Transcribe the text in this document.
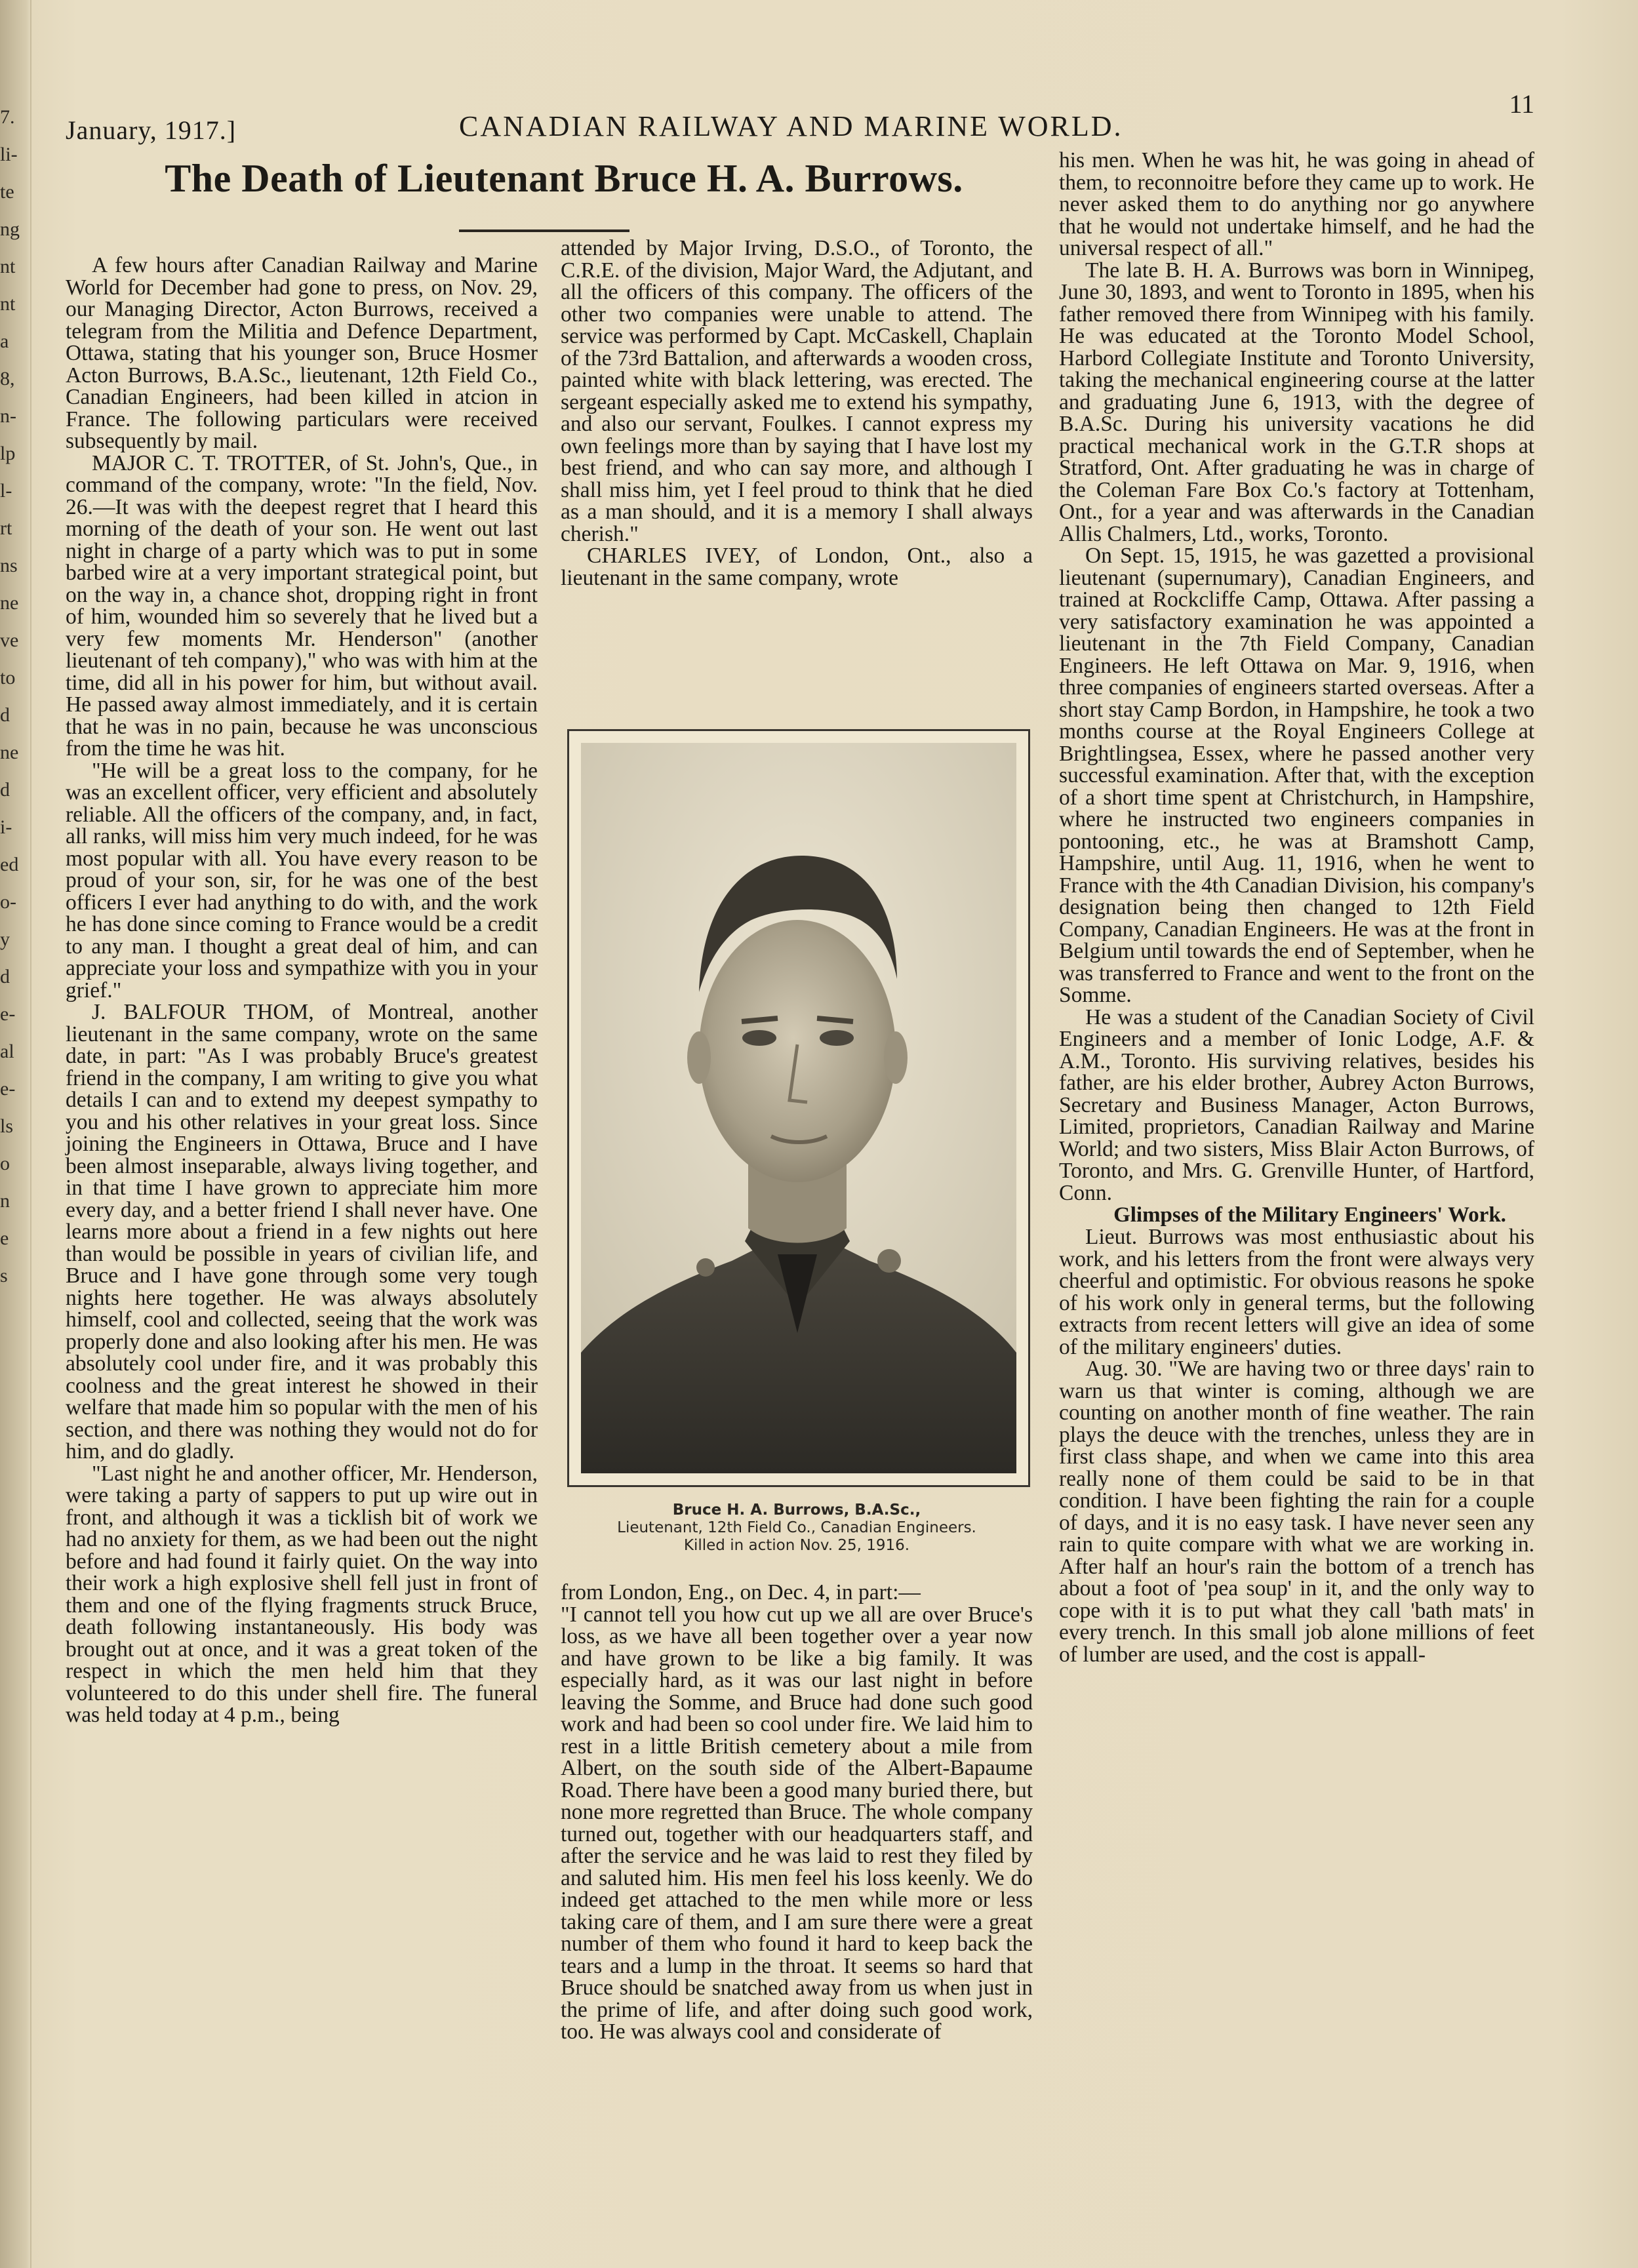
7.
li-
te
ng
nt
nt
a
8,
n-
lp
l-
rt
ns
ne
ve
to
d
ne
d
i-
ed
o-
y
d
e-
al
e-
ls
o
n
e
s
January, 1917.]	CANADIAN RAILWAY AND MARINE WORLD.
11
The Death of Lieutenant Bruce H. A. Burrows.

A few hours after Canadian Railway and Marine World for December had gone to press, on Nov. 29, our Managing Director, Acton Burrows, received a telegram from the Militia and Defence Department, Ottawa, stating that his younger son, Bruce Hosmer Acton Burrows, B.A.Sc., lieutenant, 12th Field Co., Canadian Engineers, had been killed in atcion in France. The following particulars were received subsequently by mail.

MAJOR C. T. TROTTER, of St. John's, Que., in command of the company, wrote: "In the field, Nov. 26.—It was with the deepest regret that I heard this morning of the death of your son. He went out last night in charge of a party which was to put in some barbed wire at a very important strategical point, but on the way in, a chance shot, dropping right in front of him, wounded him so severely that he lived but a very few moments Mr. Henderson" (another lieutenant of teh company)," who was with him at the time, did all in his power for him, but without avail. He passed away almost immediately, and it is certain that he was in no pain, because he was unconscious from the time he was hit.

"He will be a great loss to the company, for he was an excellent officer, very efficient and absolutely reliable. All the officers of the company, and, in fact, all ranks, will miss him very much indeed, for he was most popular with all. You have every reason to be proud of your son, sir, for he was one of the best officers I ever had anything to do with, and the work he has done since coming to France would be a credit to any man. I thought a great deal of him, and can appreciate your loss and sympathize with you in your grief."

J. BALFOUR THOM, of Montreal, another lieutenant in the same company, wrote on the same date, in part: "As I was probably Bruce's greatest friend in the company, I am writing to give you what details I can and to extend my deepest sympathy to you and his other relatives in your great loss. Since joining the Engineers in Ottawa, Bruce and I have been almost inseparable, always living together, and in that time I have grown to appreciate him more every day, and a better friend I shall never have. One learns more about a friend in a few nights out here than would be possible in years of civilian life, and Bruce and I have gone through some very tough nights here together. He was always absolutely himself, cool and collected, seeing that the work was properly done and also looking after his men. He was absolutely cool under fire, and it was probably this coolness and the great interest he showed in their welfare that made him so popular with the men of his section, and there was nothing they would not do for him, and do gladly.

"Last night he and another officer, Mr. Henderson, were taking a party of sappers to put up wire out in front, and although it was a ticklish bit of work we had no anxiety for them, as we had been out the night before and had found it fairly quiet. On the way into their work a high explosive shell fell just in front of them and one of the flying fragments struck Bruce, death following instantaneously. His body was brought out at once, and it was a great token of the respect in which the men held him that they volunteered to do this under shell fire. The funeral was held today at 4 p.m., being

attended by Major Irving, D.S.O., of Toronto, the C.R.E. of the division, Major Ward, the Adjutant, and all the officers of this company. The officers of the other two companies were unable to attend. The service was performed by Capt. McCaskell, Chaplain of the 73rd Battalion, and afterwards a wooden cross, painted white with black lettering, was erected. The sergeant especially asked me to extend his sympathy, and also our servant, Foulkes. I cannot express my own feelings more than by saying that I have lost my best friend, and who can say more, and although I shall miss him, yet I feel proud to think that he died as a man should, and it is a memory I shall always cherish."

CHARLES IVEY, of London, Ont., also a lieutenant in the same company, wrote

Bruce H. A. Burrows, B.A.Sc.,
Lieutenant, 12th Field Co., Canadian Engineers.
Killed in action Nov. 25, 1916.

from London, Eng., on Dec. 4, in part:—

"I cannot tell you how cut up we all are over Bruce's loss, as we have all been together over a year now and have grown to be like a big family. It was especially hard, as it was our last night in before leaving the Somme, and Bruce had done such good work and had been so cool under fire. We laid him to rest in a little British cemetery about a mile from Albert, on the south side of the Albert-Bapaume Road. There have been a good many buried there, but none more regretted than Bruce. The whole company turned out, together with our headquarters staff, and after the service and he was laid to rest they filed by and saluted him. His men feel his loss keenly. We do indeed get attached to the men while more or less taking care of them, and I am sure there were a great number of them who found it hard to keep back the tears and a lump in the throat. It seems so hard that Bruce should be snatched away from us when just in the prime of life, and after doing such good work, too. He was always cool and considerate of

his men. When he was hit, he was going in ahead of them, to reconnoitre before they came up to work. He never asked them to do anything nor go anywhere that he would not undertake himself, and he had the universal respect of all."

The late B. H. A. Burrows was born in Winnipeg, June 30, 1893, and went to Toronto in 1895, when his father removed there from Winnipeg with his family. He was educated at the Toronto Model School, Harbord Collegiate Institute and Toronto University, taking the mechanical engineering course at the latter and graduating June 6, 1913, with the degree of B.A.Sc. During his university vacations he did practical mechanical work in the G.T.R shops at Stratford, Ont. After graduating he was in charge of the Coleman Fare Box Co.'s factory at Tottenham, Ont., for a year and was afterwards in the Canadian Allis Chalmers, Ltd., works, Toronto.

On Sept. 15, 1915, he was gazetted a provisional lieutenant (supernumary), Canadian Engineers, and trained at Rockcliffe Camp, Ottawa. After passing a very satisfactory examination he was appointed a lieutenant in the 7th Field Company, Canadian Engineers. He left Ottawa on Mar. 9, 1916, when three companies of engineers started overseas. After a short stay Camp Bordon, in Hampshire, he took a two months course at the Royal Engineers College at Brightlingsea, Essex, where he passed another very successful examination. After that, with the exception of a short time spent at Christchurch, in Hampshire, where he instructed two engineers companies in pontooning, etc., he was at Bramshott Camp, Hampshire, until Aug. 11, 1916, when he went to France with the 4th Canadian Division, his company's designation being then changed to 12th Field Company, Canadian Engineers. He was at the front in Belgium until towards the end of September, when he was transferred to France and went to the front on the Somme.

He was a student of the Canadian Society of Civil Engineers and a member of Ionic Lodge, A.F. & A.M., Toronto. His surviving relatives, besides his father, are his elder brother, Aubrey Acton Burrows, Secretary and Business Manager, Acton Burrows, Limited, proprietors, Canadian Railway and Marine World; and two sisters, Miss Blair Acton Burrows, of Toronto, and Mrs. G. Grenville Hunter, of Hartford, Conn.

Glimpses of the Military Engineers' Work.

Lieut. Burrows was most enthusiastic about his work, and his letters from the front were always very cheerful and optimistic. For obvious reasons he spoke of his work only in general terms, but the following extracts from recent letters will give an idea of some of the military engineers' duties.

Aug. 30. "We are having two or three days' rain to warn us that winter is coming, although we are counting on another month of fine weather. The rain plays the deuce with the trenches, unless they are in first class shape, and when we came into this area really none of them could be said to be in that condition. I have been fighting the rain for a couple of days, and it is no easy task. I have never seen any rain to quite compare with what we are working in. After half an hour's rain the bottom of a trench has about a foot of 'pea soup' in it, and the only way to cope with it is to put what they call 'bath mats' in every trench. In this small job alone millions of feet of lumber are used, and the cost is appall-
